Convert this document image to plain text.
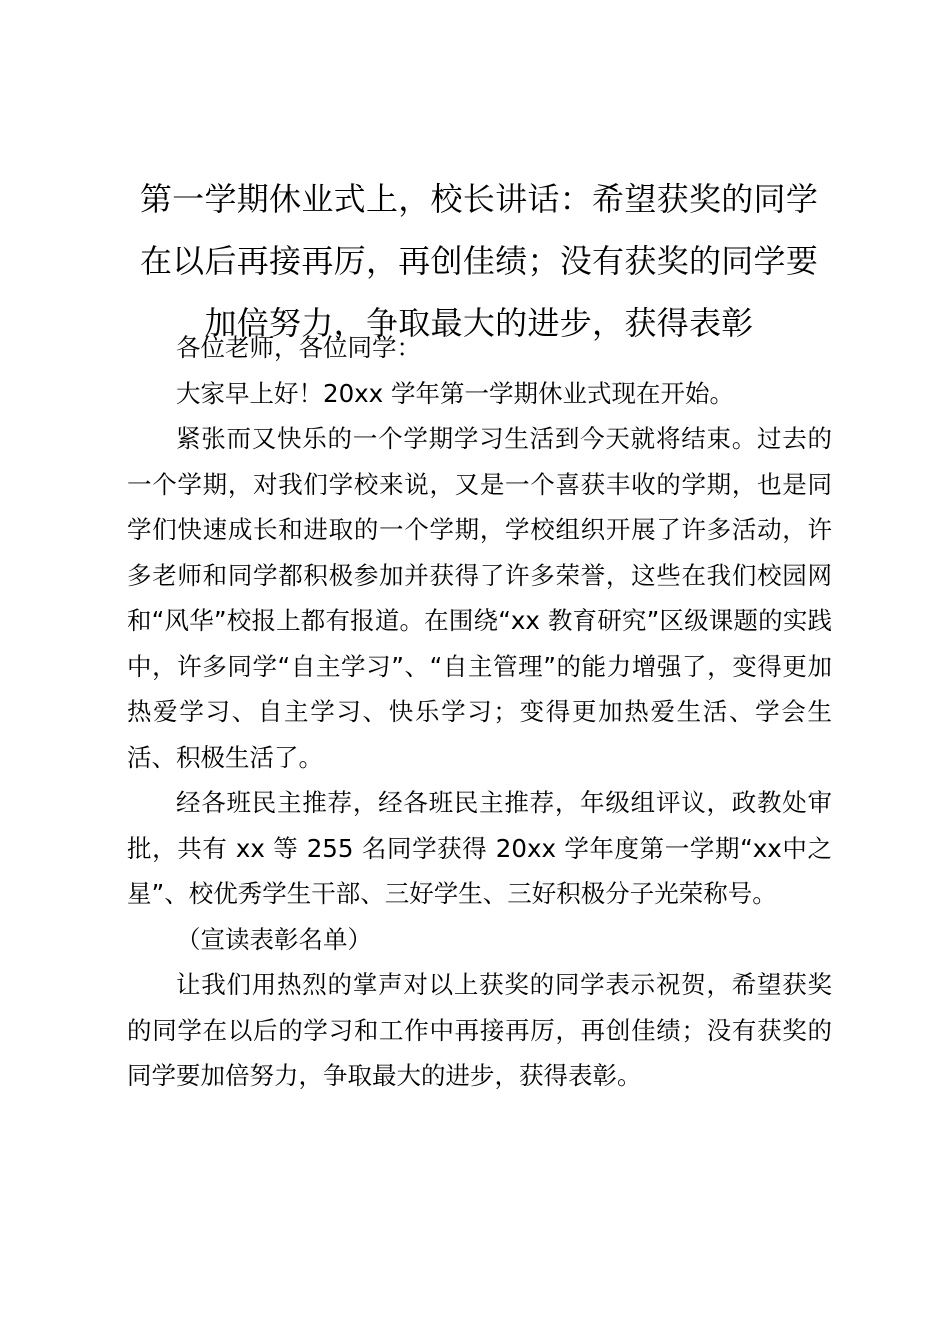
第一学期休业式上，校长讲话：希望获奖的同学在以后再接再厉，再创佳绩；没有获奖的同学要加倍努力，争取最大的进步，获得表彰

各位老师，各位同学：

大家早上好！20xx 学年第一学期休业式现在开始。

紧张而又快乐的一个学期学习生活到今天就将结束。过去的一个学期，对我们学校来说，又是一个喜获丰收的学期，也是同学们快速成长和进取的一个学期，学校组织开展了许多活动，许多老师和同学都积极参加并获得了许多荣誉，这些在我们校园网和“风华”校报上都有报道。在围绕“xx 教育研究”区级课题的实践中，许多同学“自主学习”、“自主管理”的能力增强了，变得更加热爱学习、自主学习、快乐学习；变得更加热爱生活、学会生活、积极生活了。

经各班民主推荐，经各班民主推荐，年级组评议，政教处审批，共有 xx 等 255 名同学获得 20xx 学年度第一学期“xx中之星”、校优秀学生干部、三好学生、三好积极分子光荣称号。

（宣读表彰名单）

让我们用热烈的掌声对以上获奖的同学表示祝贺，希望获奖的同学在以后的学习和工作中再接再厉，再创佳绩；没有获奖的同学要加倍努力，争取最大的进步，获得表彰。
